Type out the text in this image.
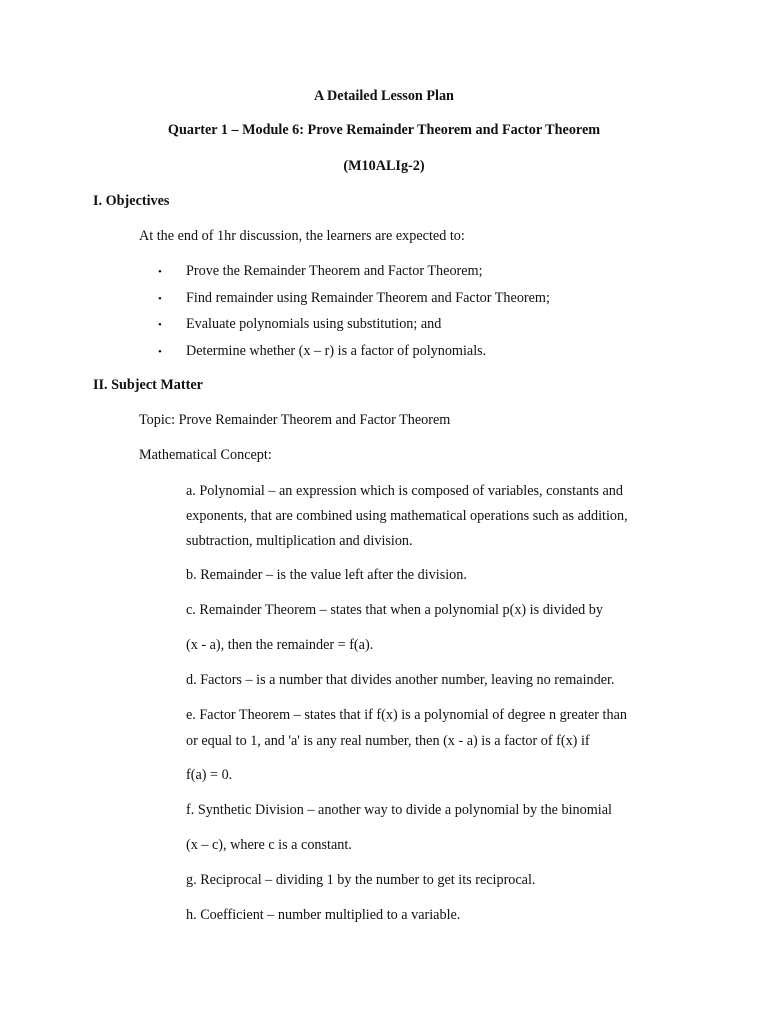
A Detailed Lesson Plan
Quarter 1 – Module 6: Prove Remainder Theorem and Factor Theorem
(M10ALIg-2)
I. Objectives
At the end of 1hr discussion, the learners are expected to:
• Prove the Remainder Theorem and Factor Theorem;
• Find remainder using Remainder Theorem and Factor Theorem;
• Evaluate polynomials using substitution; and
• Determine whether (x – r) is a factor of polynomials.
II. Subject Matter
Topic: Prove Remainder Theorem and Factor Theorem
Mathematical Concept:
a. Polynomial – an expression which is composed of variables, constants and
exponents, that are combined using mathematical operations such as addition,
subtraction, multiplication and division.
b. Remainder – is the value left after the division.
c. Remainder Theorem – states that when a polynomial p(x) is divided by
(x - a), then the remainder = f(a).
d. Factors – is a number that divides another number, leaving no remainder.
e. Factor Theorem – states that if f(x) is a polynomial of degree n greater than
or equal to 1, and 'a' is any real number, then (x - a) is a factor of f(x) if
f(a) = 0.
f. Synthetic Division – another way to divide a polynomial by the binomial
(x – c), where c is a constant.
g. Reciprocal – dividing 1 by the number to get its reciprocal.
h. Coefficient – number multiplied to a variable.
